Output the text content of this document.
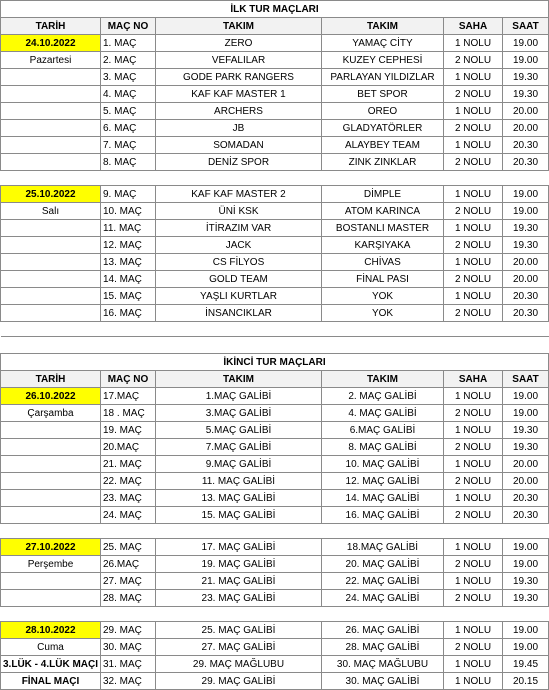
İLK TUR MAÇLARI					
TARİH	MAÇ NO	TAKIM	TAKIM	SAHA	SAAT
24.10.2022	1. MAÇ	ZERO	YAMAÇ CİTY	1 NOLU	19.00
Pazartesi	2. MAÇ	VEFALILAR	KUZEY CEPHESİ	2 NOLU	19.00
	3. MAÇ	GODE PARK RANGERS	PARLAYAN YILDIZLAR	1 NOLU	19.30
	4. MAÇ	KAF KAF MASTER 1	BET SPOR	2 NOLU	19.30
	5. MAÇ	ARCHERS	OREO	1 NOLU	20.00
	6. MAÇ	JB	GLADYATÖRLER	2 NOLU	20.00
	7. MAÇ	SOMADAN	ALAYBEY TEAM	1 NOLU	20.30
	8. MAÇ	DENİZ SPOR	ZINK ZINKLAR	2 NOLU	20.30

25.10.2022	9. MAÇ	KAF KAF MASTER 2	DİMPLE	1 NOLU	19.00
Salı	10. MAÇ	ÜNİ KSK	ATOM KARINCA	2 NOLU	19.00
	11. MAÇ	İTİRAZIM VAR	BOSTANLI MASTER	1 NOLU	19.30
	12. MAÇ	JACK	KARŞIYAKA	2 NOLU	19.30
	13. MAÇ	CS FİLYOS	CHİVAS	1 NOLU	20.00
	14. MAÇ	GOLD TEAM	FİNAL PASI	2 NOLU	20.00
	15. MAÇ	YAŞLI KURTLAR	YOK	1 NOLU	20.30
	16. MAÇ	İNSANCIKLAR	YOK	2 NOLU	20.30

İKİNCİ TUR MAÇLARI					
TARİH	MAÇ NO	TAKIM	TAKIM	SAHA	SAAT
26.10.2022	17.MAÇ	1.MAÇ GALİBİ	2. MAÇ GALİBİ	1 NOLU	19.00
Çarşamba	18 . MAÇ	3.MAÇ GALİBİ	4. MAÇ GALİBİ	2 NOLU	19.00
	19. MAÇ	5.MAÇ GALİBİ	6.MAÇ GALİBİ	1 NOLU	19.30
	20.MAÇ	7.MAÇ GALİBİ	8. MAÇ GALİBİ	2 NOLU	19.30
	21. MAÇ	9.MAÇ GALİBİ	10. MAÇ GALİBİ	1 NOLU	20.00
	22. MAÇ	11. MAÇ GALİBİ	12. MAÇ GALİBİ	2 NOLU	20.00
	23. MAÇ	13. MAÇ GALİBİ	14. MAÇ GALİBİ	1 NOLU	20.30
	24. MAÇ	15. MAÇ GALİBİ	16. MAÇ GALİBİ	2 NOLU	20.30

27.10.2022	25. MAÇ	17. MAÇ GALİBİ	18.MAÇ GALİBİ	1 NOLU	19.00
Perşembe	26.MAÇ	19. MAÇ GALİBİ	20. MAÇ GALİBİ	2 NOLU	19.00
	27. MAÇ	21. MAÇ GALİBİ	22. MAÇ GALİBİ	1 NOLU	19.30
	28. MAÇ	23. MAÇ GALİBİ	24. MAÇ GALİBİ	2 NOLU	19.30

28.10.2022	29. MAÇ	25. MAÇ GALİBİ	26. MAÇ GALİBİ	1 NOLU	19.00
Cuma	30. MAÇ	27. MAÇ GALİBİ	28. MAÇ GALİBİ	2 NOLU	19.00
3.LÜK - 4.LÜK MAÇI	31. MAÇ	29. MAÇ MAĞLUBU	30. MAÇ MAĞLUBU	1 NOLU	19.45
FİNAL MAÇI	32. MAÇ	29. MAÇ GALİBİ	30. MAÇ GALİBİ	1 NOLU	20.15
